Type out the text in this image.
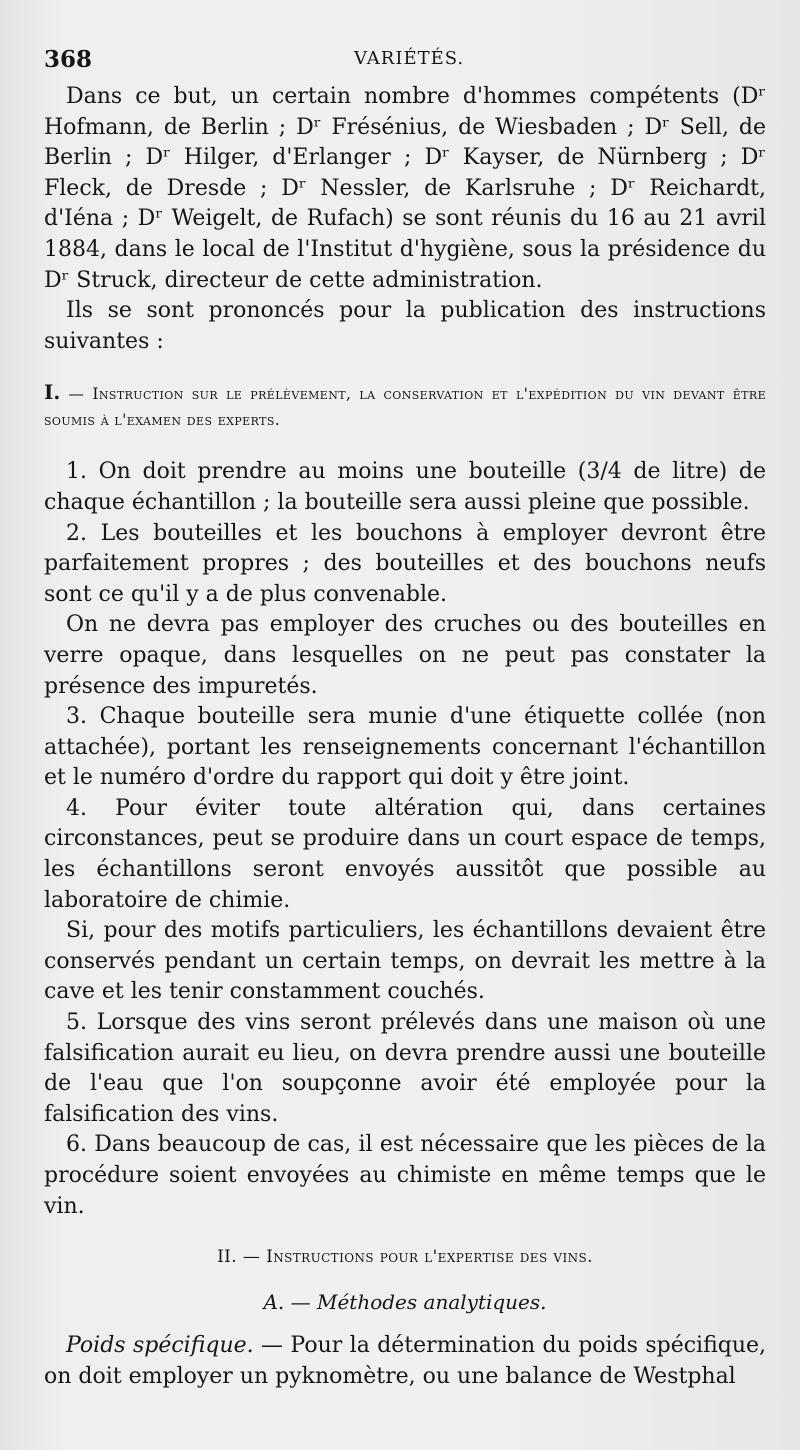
368	VARIÉTÉS.

Dans ce but, un certain nombre d'hommes compétents (Dʳ Hofmann, de Berlin ; Dʳ Frésénius, de Wiesbaden ; Dʳ Sell, de Berlin ; Dʳ Hilger, d'Erlanger ; Dʳ Kayser, de Nürnberg ; Dʳ Fleck, de Dresde ; Dʳ Nessler, de Karlsruhe ; Dʳ Reichardt, d'Iéna ; Dʳ Weigelt, de Rufach) se sont réunis du 16 au 21 avril 1884, dans le local de l'Institut d'hygiène, sous la présidence du Dʳ Struck, directeur de cette administration.

Ils se sont prononcés pour la publication des instructions suivantes :

I. — Instruction sur le prélèvement, la conservation et l'expédition du vin devant être soumis à l'examen des experts.

1. On doit prendre au moins une bouteille (3/4 de litre) de chaque échantillon ; la bouteille sera aussi pleine que possible.

2. Les bouteilles et les bouchons à employer devront être parfaitement propres ; des bouteilles et des bouchons neufs sont ce qu'il y a de plus convenable.

On ne devra pas employer des cruches ou des bouteilles en verre opaque, dans lesquelles on ne peut pas constater la présence des impuretés.

3. Chaque bouteille sera munie d'une étiquette collée (non attachée), portant les renseignements concernant l'échantillon et le numéro d'ordre du rapport qui doit y être joint.

4. Pour éviter toute altération qui, dans certaines circonstances, peut se produire dans un court espace de temps, les échantillons seront envoyés aussitôt que possible au laboratoire de chimie.

Si, pour des motifs particuliers, les échantillons devaient être conservés pendant un certain temps, on devrait les mettre à la cave et les tenir constamment couchés.

5. Lorsque des vins seront prélevés dans une maison où une falsification aurait eu lieu, on devra prendre aussi une bouteille de l'eau que l'on soupçonne avoir été employée pour la falsification des vins.

6. Dans beaucoup de cas, il est nécessaire que les pièces de la procédure soient envoyées au chimiste en même temps que le vin.

II. — Instructions pour l'expertise des vins.
A. — Méthodes analytiques.

Poids spécifique. — Pour la détermination du poids spécifique, on doit employer un pyknomètre, ou une balance de Westphal
